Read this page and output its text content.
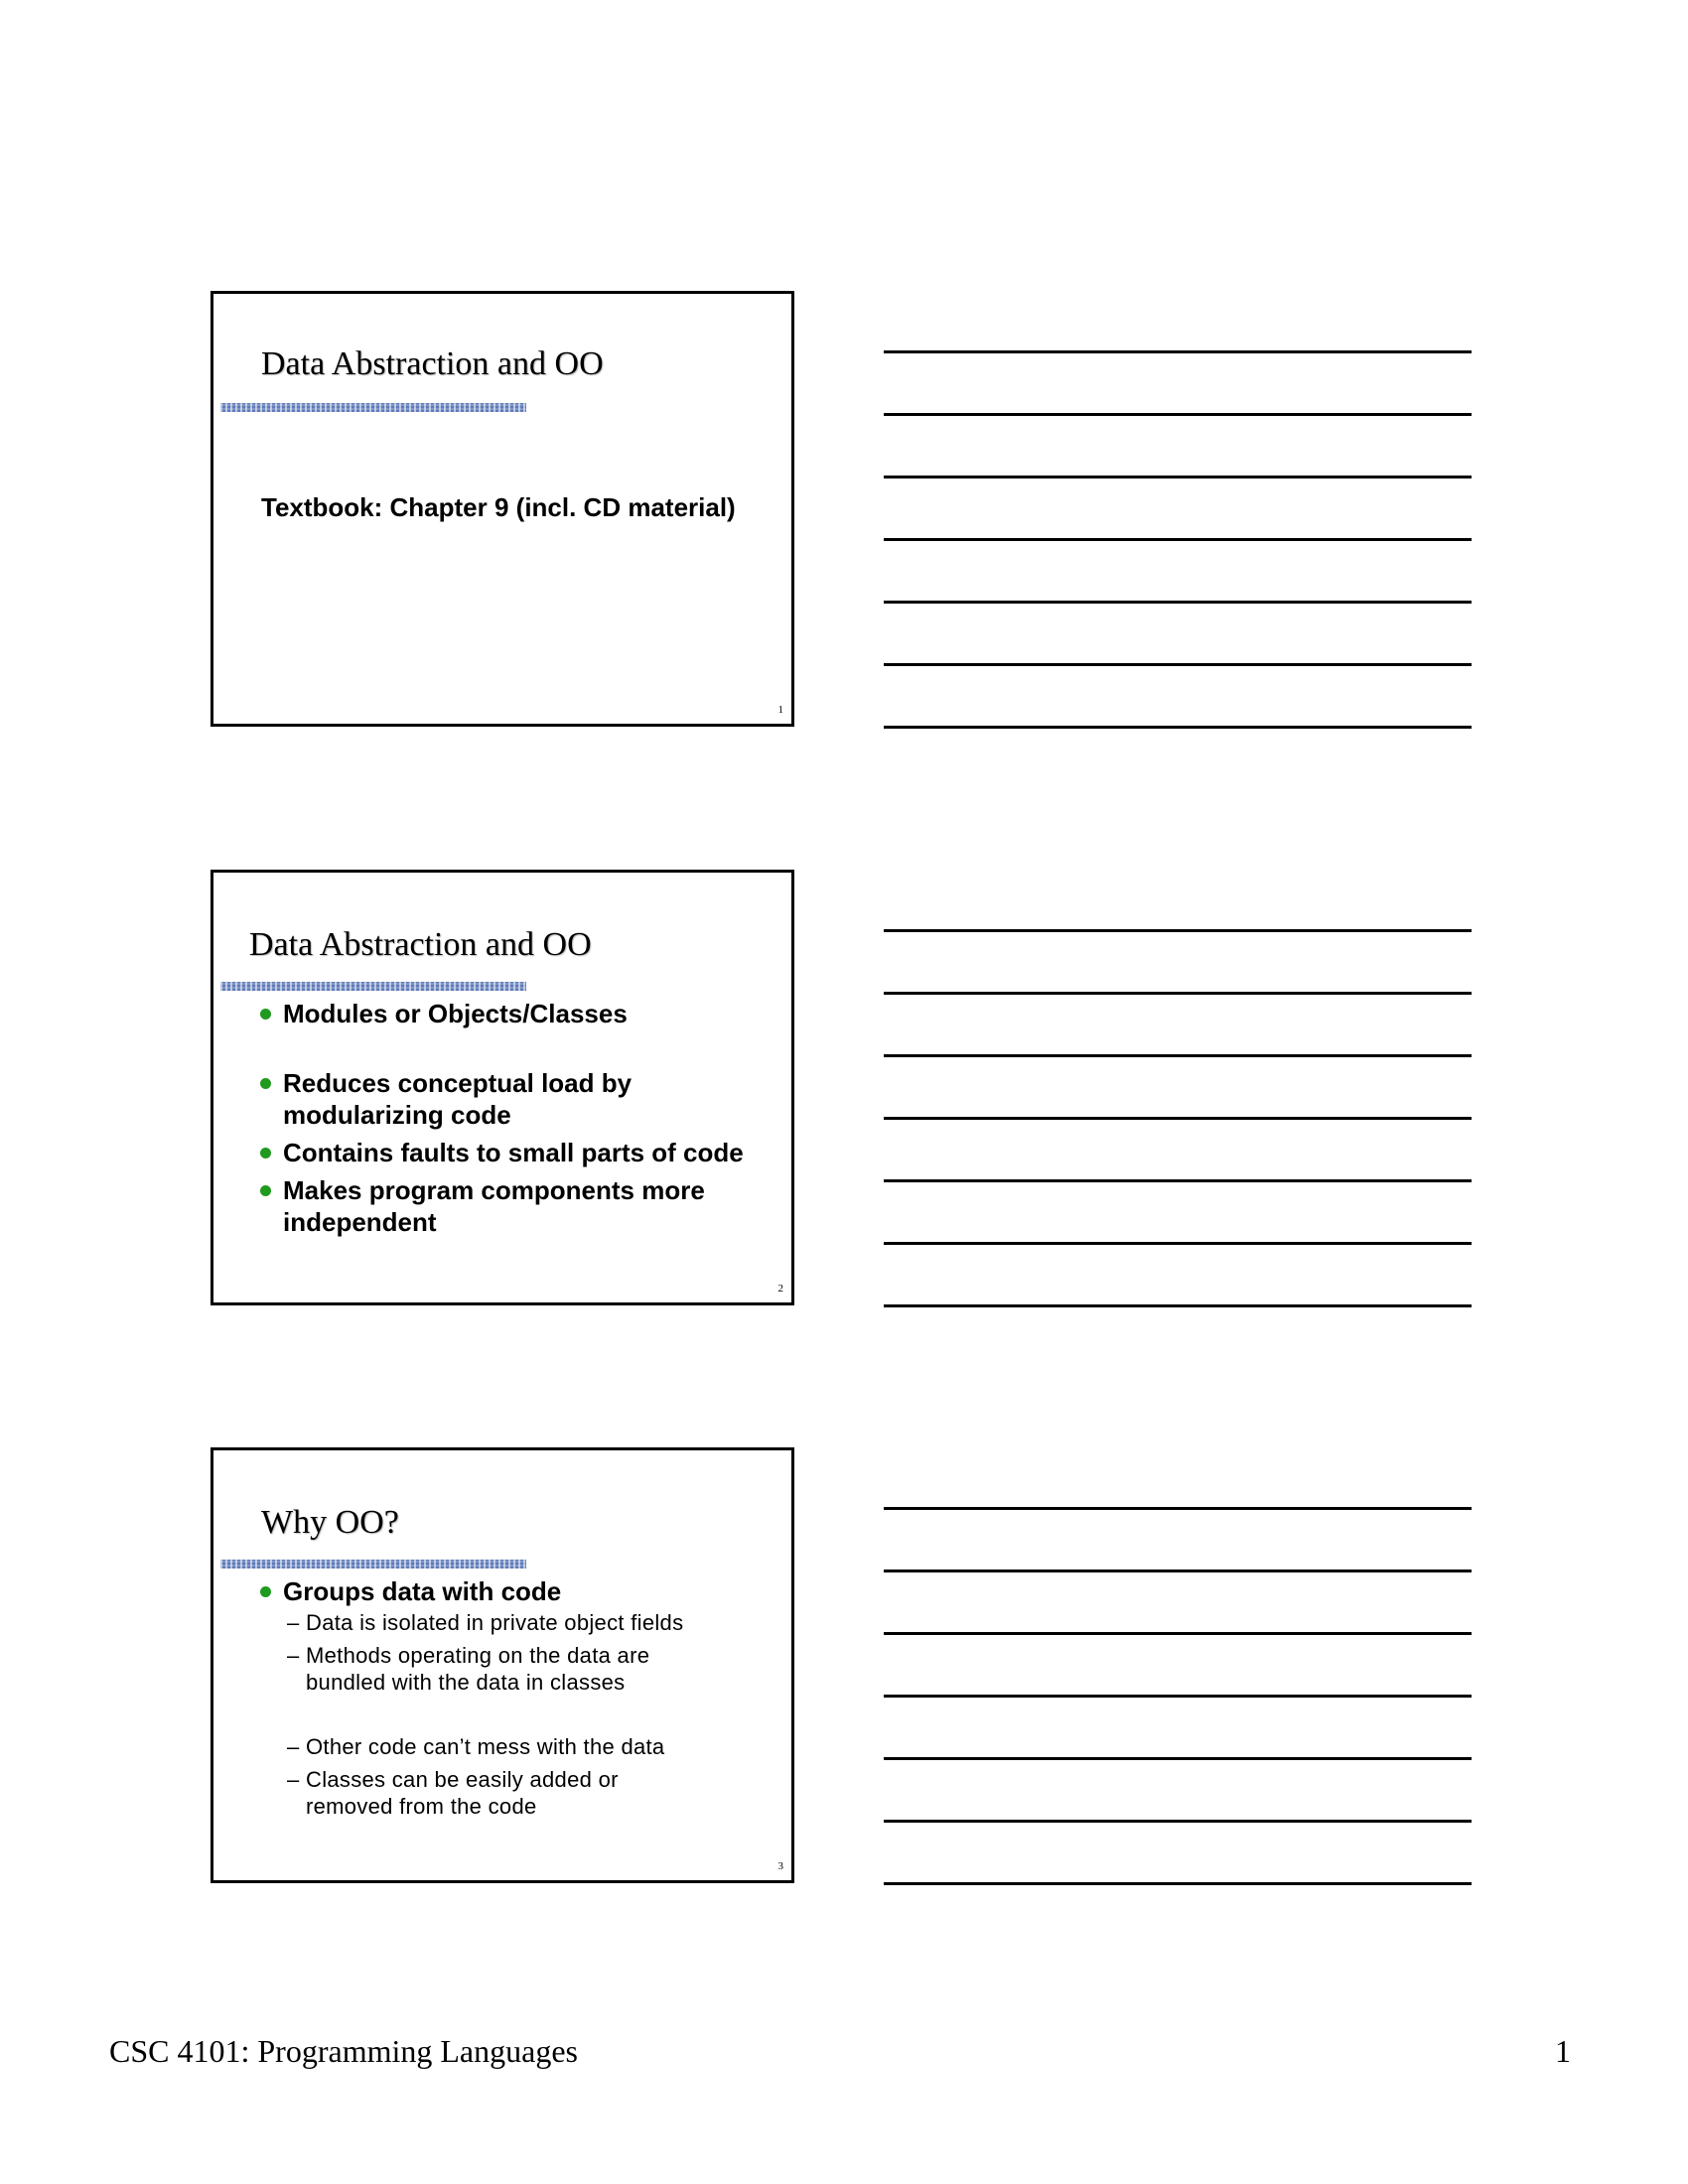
Data Abstraction and OO
Textbook: Chapter 9 (incl. CD material)
1
Data Abstraction and OO
Modules or Objects/Classes
Reduces conceptual load by modularizing code
Contains faults to small parts of code
Makes program components more independent
2
Why OO?
Groups data with code
– Data is isolated in private object fields
– Methods operating on the data are bundled with the data in classes
– Other code can’t mess with the data
– Classes can be easily added or removed from the code
3
CSC 4101: Programming Languages	1
